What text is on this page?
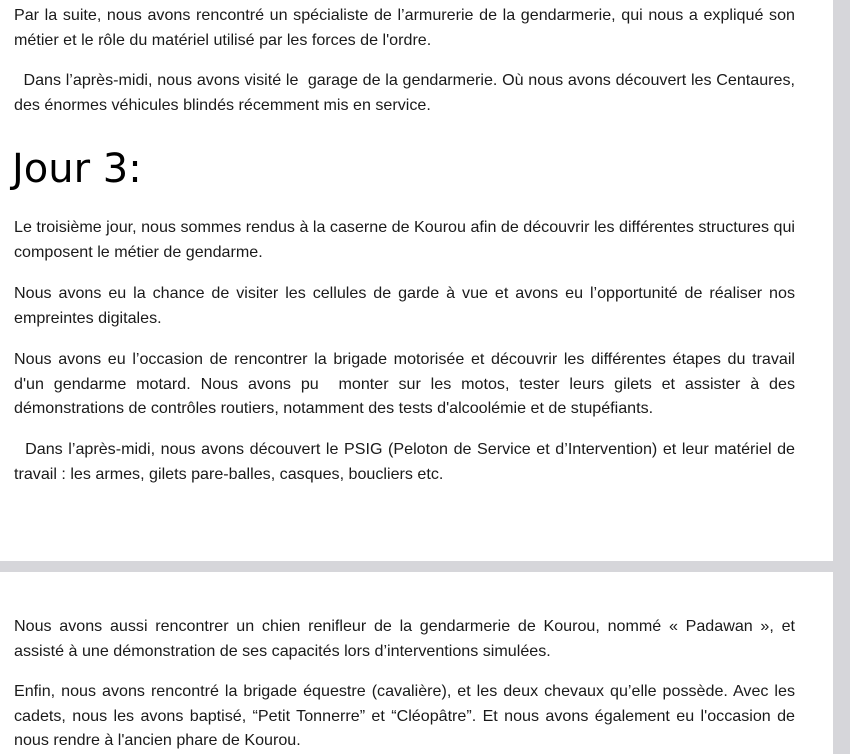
Par la suite, nous avons rencontré un spécialiste de l’armurerie de la gendarmerie, qui nous a expliqué son métier et le rôle du matériel utilisé par les forces de l'ordre.

Dans l’après-midi, nous avons visité le  garage de la gendarmerie. Où nous avons découvert les Centaures, des énormes véhicules blindés récemment mis en service.

Jour 3:

Le troisième jour, nous sommes rendus à la caserne de Kourou afin de découvrir les différentes structures qui composent le métier de gendarme.

Nous avons eu la chance de visiter les cellules de garde à vue et avons eu l’opportunité de réaliser nos empreintes digitales.

Nous avons eu l’occasion de rencontrer la brigade motorisée et découvrir les différentes étapes du travail d'un gendarme motard. Nous avons pu  monter sur les motos, tester leurs gilets et assister à des démonstrations de contrôles routiers, notamment des tests d'alcoolémie et de stupéfiants.

Dans l’après-midi, nous avons découvert le PSIG (Peloton de Service et d’Intervention) et leur matériel de travail : les armes, gilets pare-balles, casques, boucliers etc.

Nous avons aussi rencontrer un chien renifleur de la gendarmerie de Kourou, nommé « Padawan », et assisté à une démonstration de ses capacités lors d’interventions simulées.

Enfin, nous avons rencontré la brigade équestre (cavalière), et les deux chevaux qu’elle possède. Avec les cadets, nous les avons baptisé, “Petit Tonnerre” et “Cléopâtre”. Et nous avons également eu l'occasion de nous rendre à l'ancien phare de Kourou.
